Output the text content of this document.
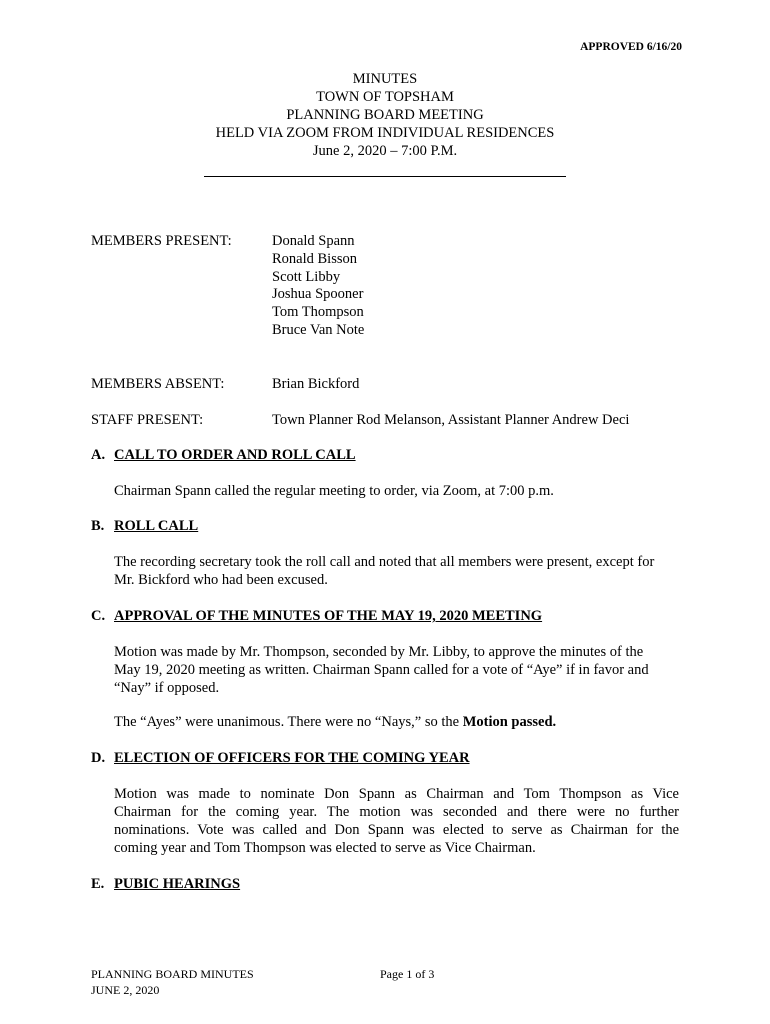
APPROVED 6/16/20
MINUTES
TOWN OF TOPSHAM
PLANNING BOARD MEETING
HELD VIA ZOOM FROM INDIVIDUAL RESIDENCES
June 2, 2020 – 7:00 P.M.
MEMBERS PRESENT:	Donald Spann
Ronald Bisson
Scott Libby
Joshua Spooner
Tom Thompson
Bruce Van Note
MEMBERS ABSENT:	Brian Bickford
STAFF PRESENT:	Town Planner Rod Melanson, Assistant Planner Andrew Deci
A. CALL TO ORDER AND ROLL CALL
Chairman Spann called the regular meeting to order, via Zoom, at 7:00 p.m.
B. ROLL CALL
The recording secretary took the roll call and noted that all members were present, except for
Mr. Bickford who had been excused.
C. APPROVAL OF THE MINUTES OF THE MAY 19, 2020 MEETING
Motion was made by Mr. Thompson, seconded by Mr. Libby, to approve the minutes of the
May 19, 2020 meeting as written. Chairman Spann called for a vote of “Aye” if in favor and
“Nay” if opposed.
The “Ayes” were unanimous. There were no “Nays,” so the Motion passed.
D. ELECTION OF OFFICERS FOR THE COMING YEAR
Motion was made to nominate Don Spann as Chairman and Tom Thompson as Vice
Chairman for the coming year. The motion was seconded and there were no further
nominations. Vote was called and Don Spann was elected to serve as Chairman for the
coming year and Tom Thompson was elected to serve as Vice Chairman.
E. PUBIC HEARINGS
PLANNING BOARD MINUTES
JUNE 2, 2020
Page 1 of 3
